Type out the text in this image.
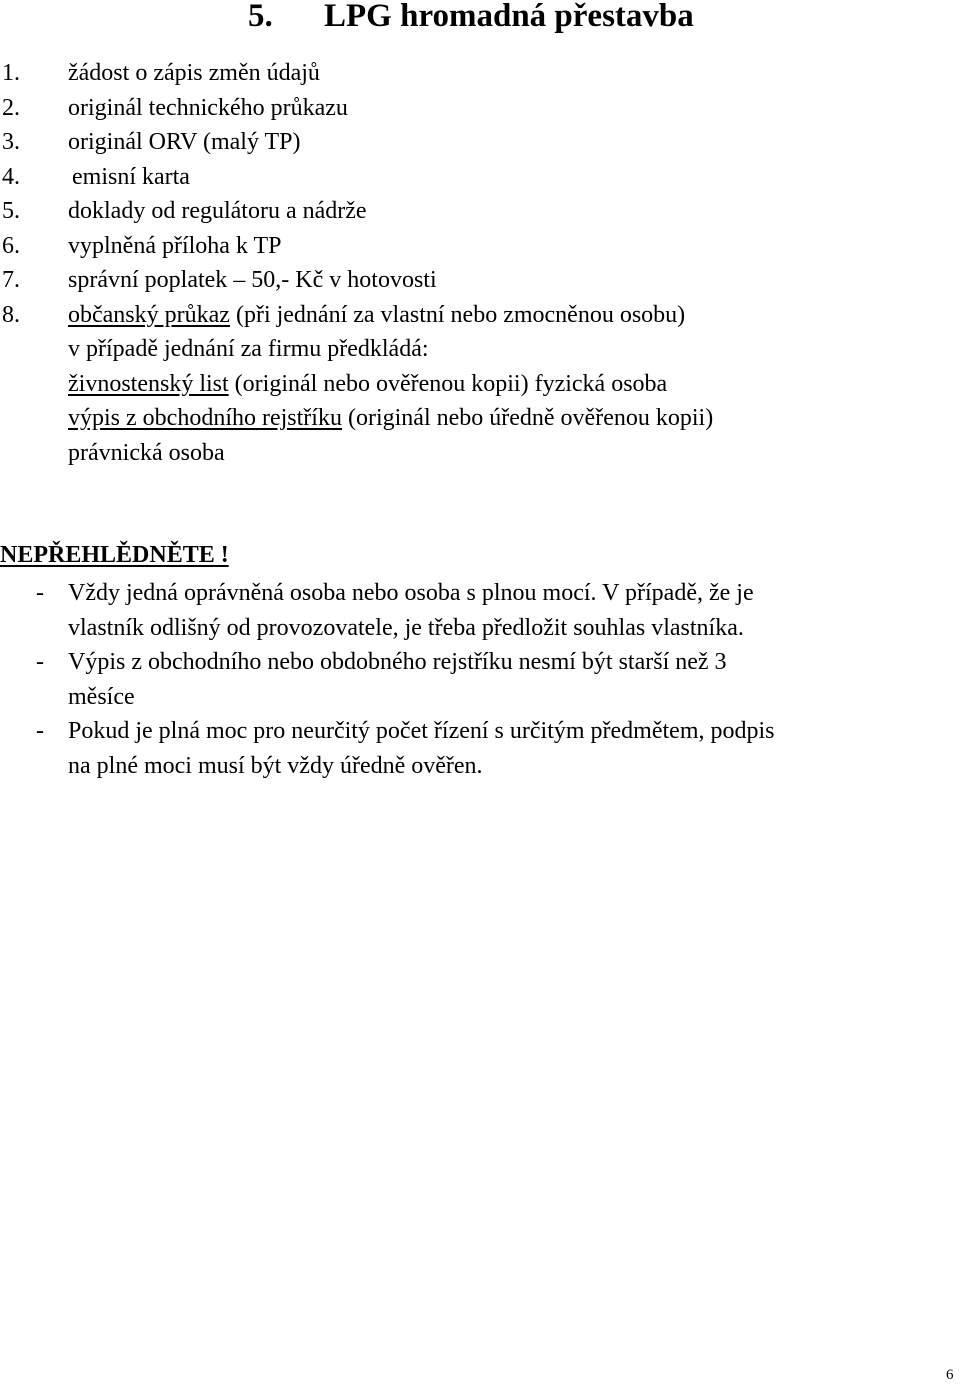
5. LPG hromadná přestavba
1. žádost o zápis změn údajů
2. originál technického průkazu
3. originál ORV (malý TP)
4. emisní karta
5. doklady od regulátoru a nádrže
6. vyplněná příloha k TP
7. správní poplatek – 50,- Kč v hotovosti
8. občanský průkaz (při jednání za vlastní nebo zmocněnou osobu)
v případě jednání za firmu předkládá:
živnostenský list (originál nebo ověřenou kopii) fyzická osoba
výpis z obchodního rejstříku (originál nebo úředně ověřenou kopii)
právnická osoba
NEPŘEHLĚDNĚTE !
- Vždy jedná oprávněná osoba nebo osoba s plnou mocí. V případě, že je
vlastník odlišný od provozovatele, je třeba předložit souhlas vlastníka.
- Výpis z obchodního nebo obdobného rejstříku nesmí být starší než 3
měsíce
- Pokud je plná moc pro neurčitý počet řízení s určitým předmětem, podpis
na plné moci musí být vždy úředně ověřen.
6
